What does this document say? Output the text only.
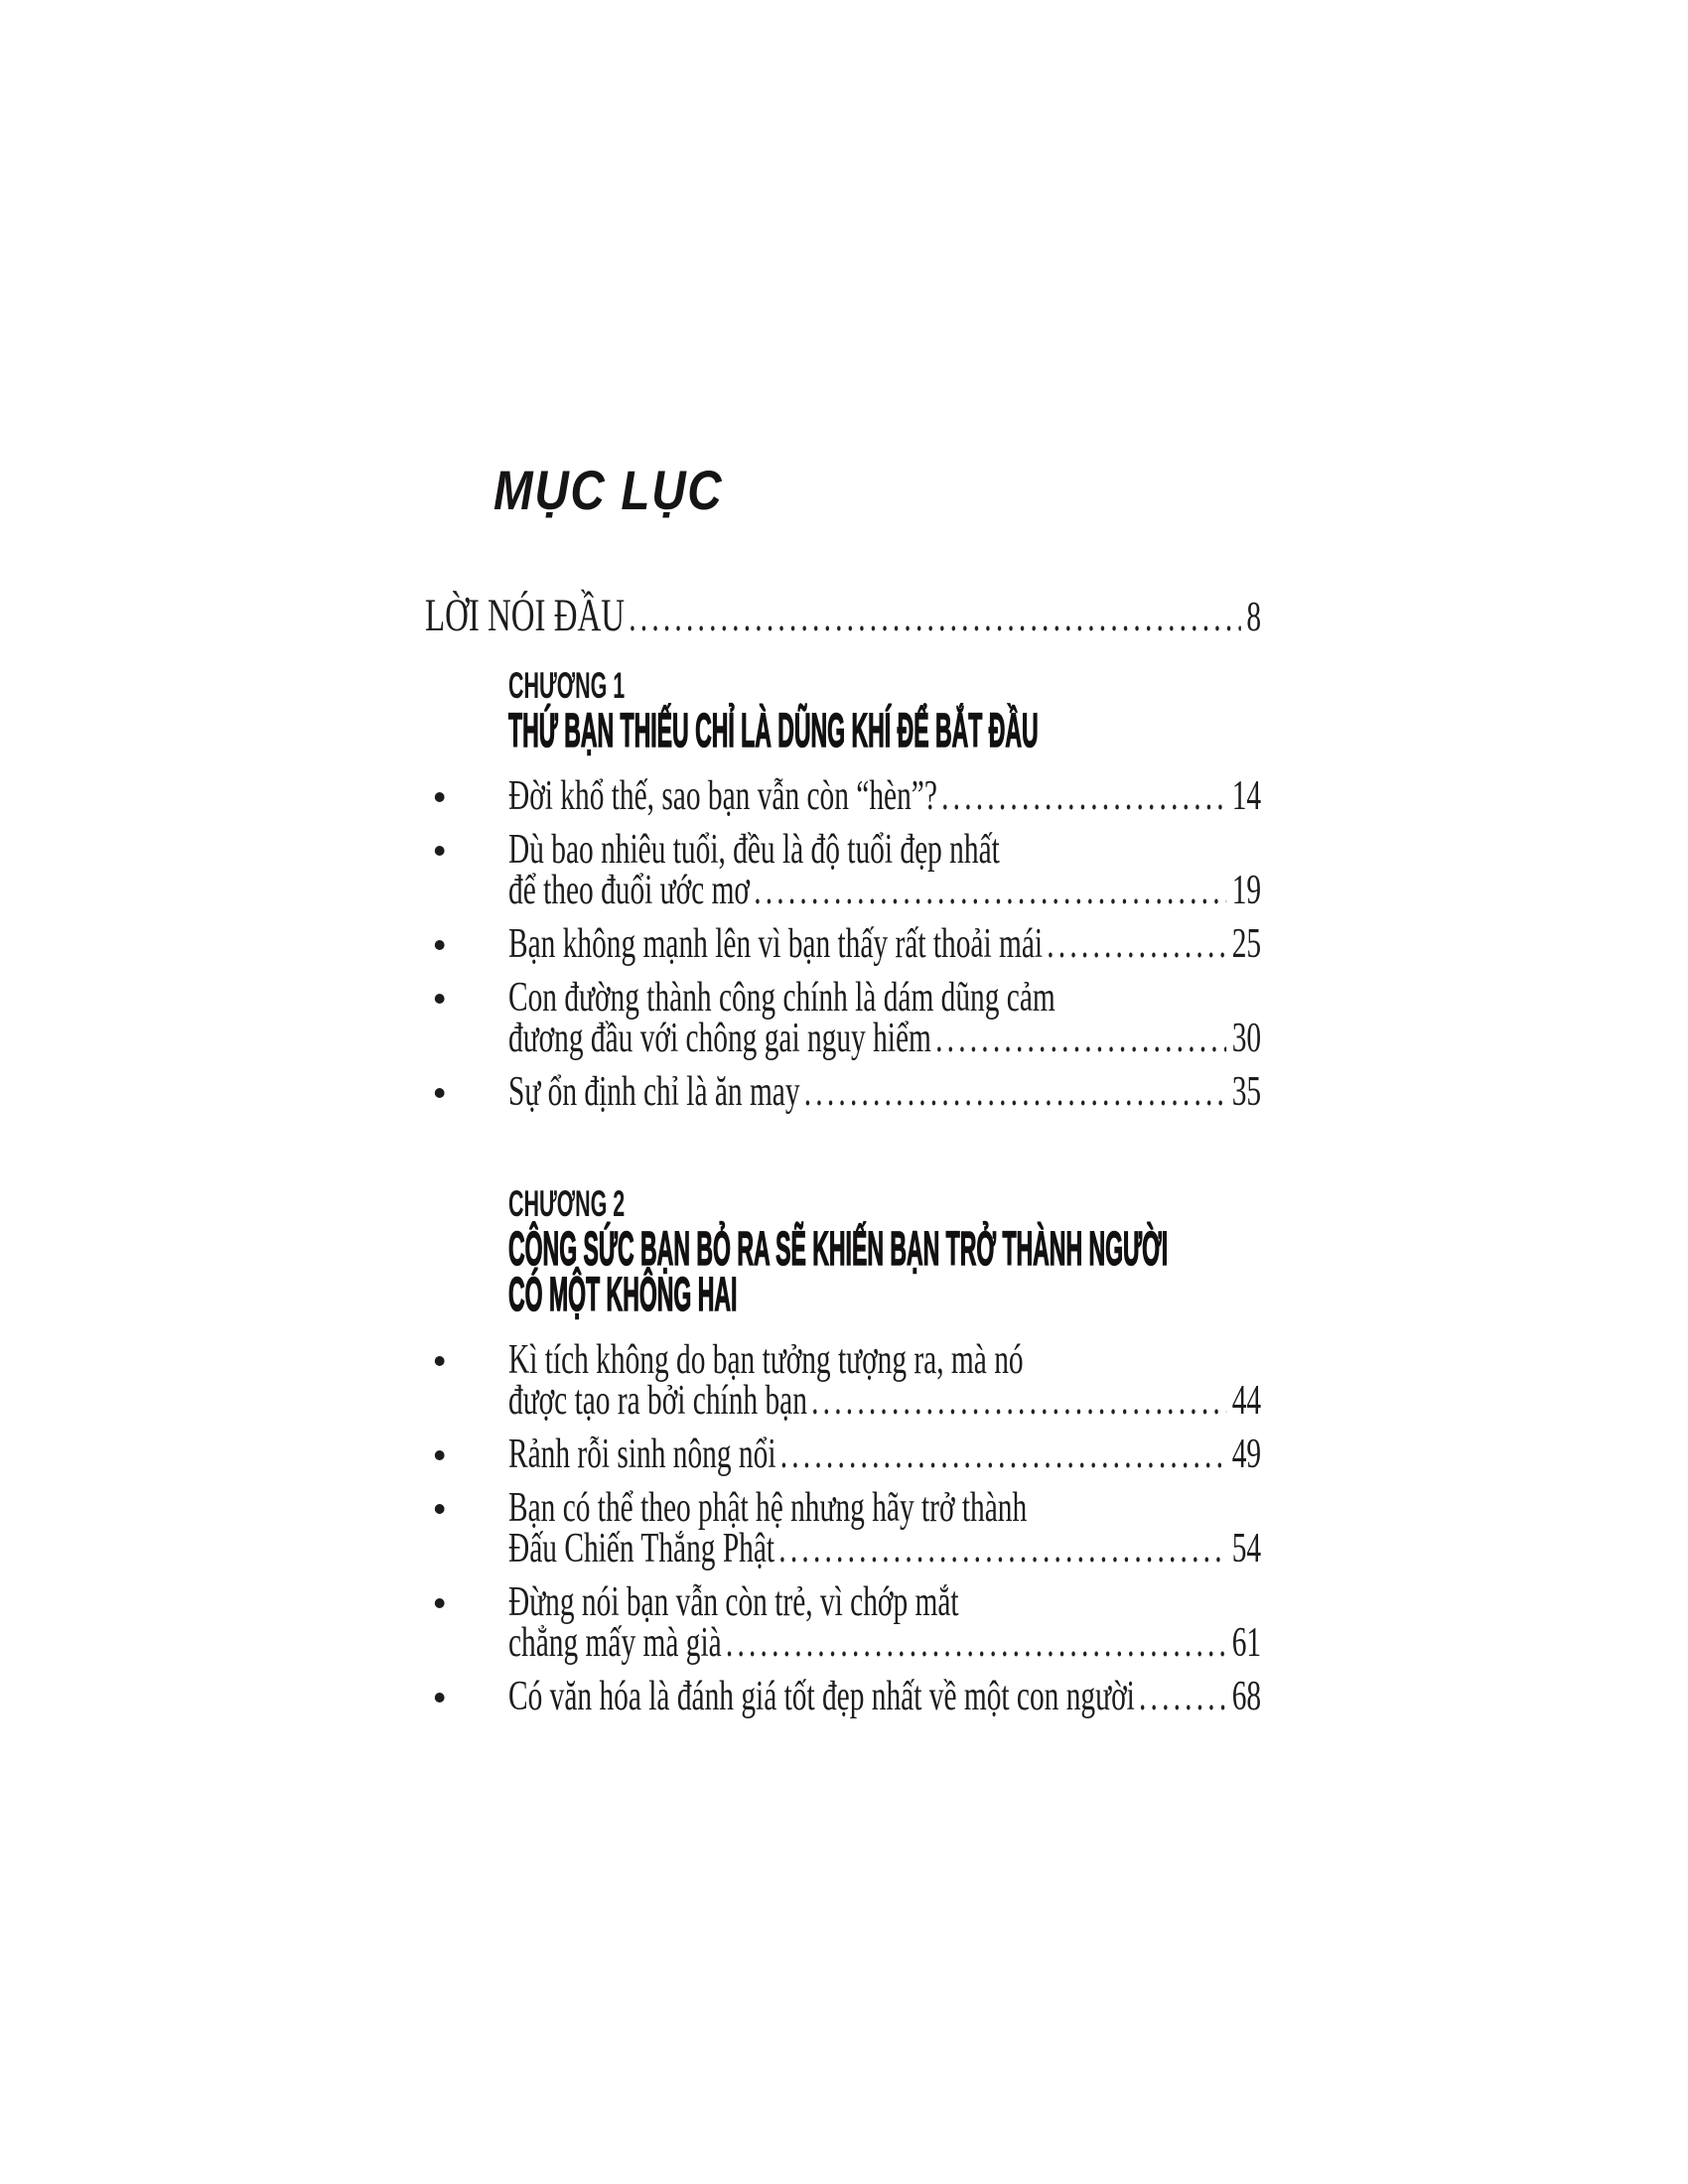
MỤC LỤC
LỜI NÓI ĐẦU .....	8
CHƯƠNG 1
THỨ BẠN THIẾU CHỈ LÀ DŨNG KHÍ ĐỂ BẮT ĐẦU
Đời khổ thế, sao bạn vẫn còn “hèn”? .....	14
Dù bao nhiêu tuổi, đều là độ tuổi đẹp nhất
để theo đuổi ước mơ .....	19
Bạn không mạnh lên vì bạn thấy rất thoải mái .....	25
Con đường thành công chính là dám dũng cảm
đương đầu với chông gai nguy hiểm .....	30
Sự ổn định chỉ là ăn may .....	35
CHƯƠNG 2
CÔNG SỨC BẠN BỎ RA SẼ KHIẾN BẠN TRỞ THÀNH NGƯỜI
CÓ MỘT KHÔNG HAI
Kì tích không do bạn tưởng tượng ra, mà nó
được tạo ra bởi chính bạn .....	44
Rảnh rỗi sinh nông nổi .....	49
Bạn có thể theo phật hệ nhưng hãy trở thành
Đấu Chiến Thắng Phật .....	54
Đừng nói bạn vẫn còn trẻ, vì chớp mắt
chẳng mấy mà già .....	61
Có văn hóa là đánh giá tốt đẹp nhất về một con người ..... 68
